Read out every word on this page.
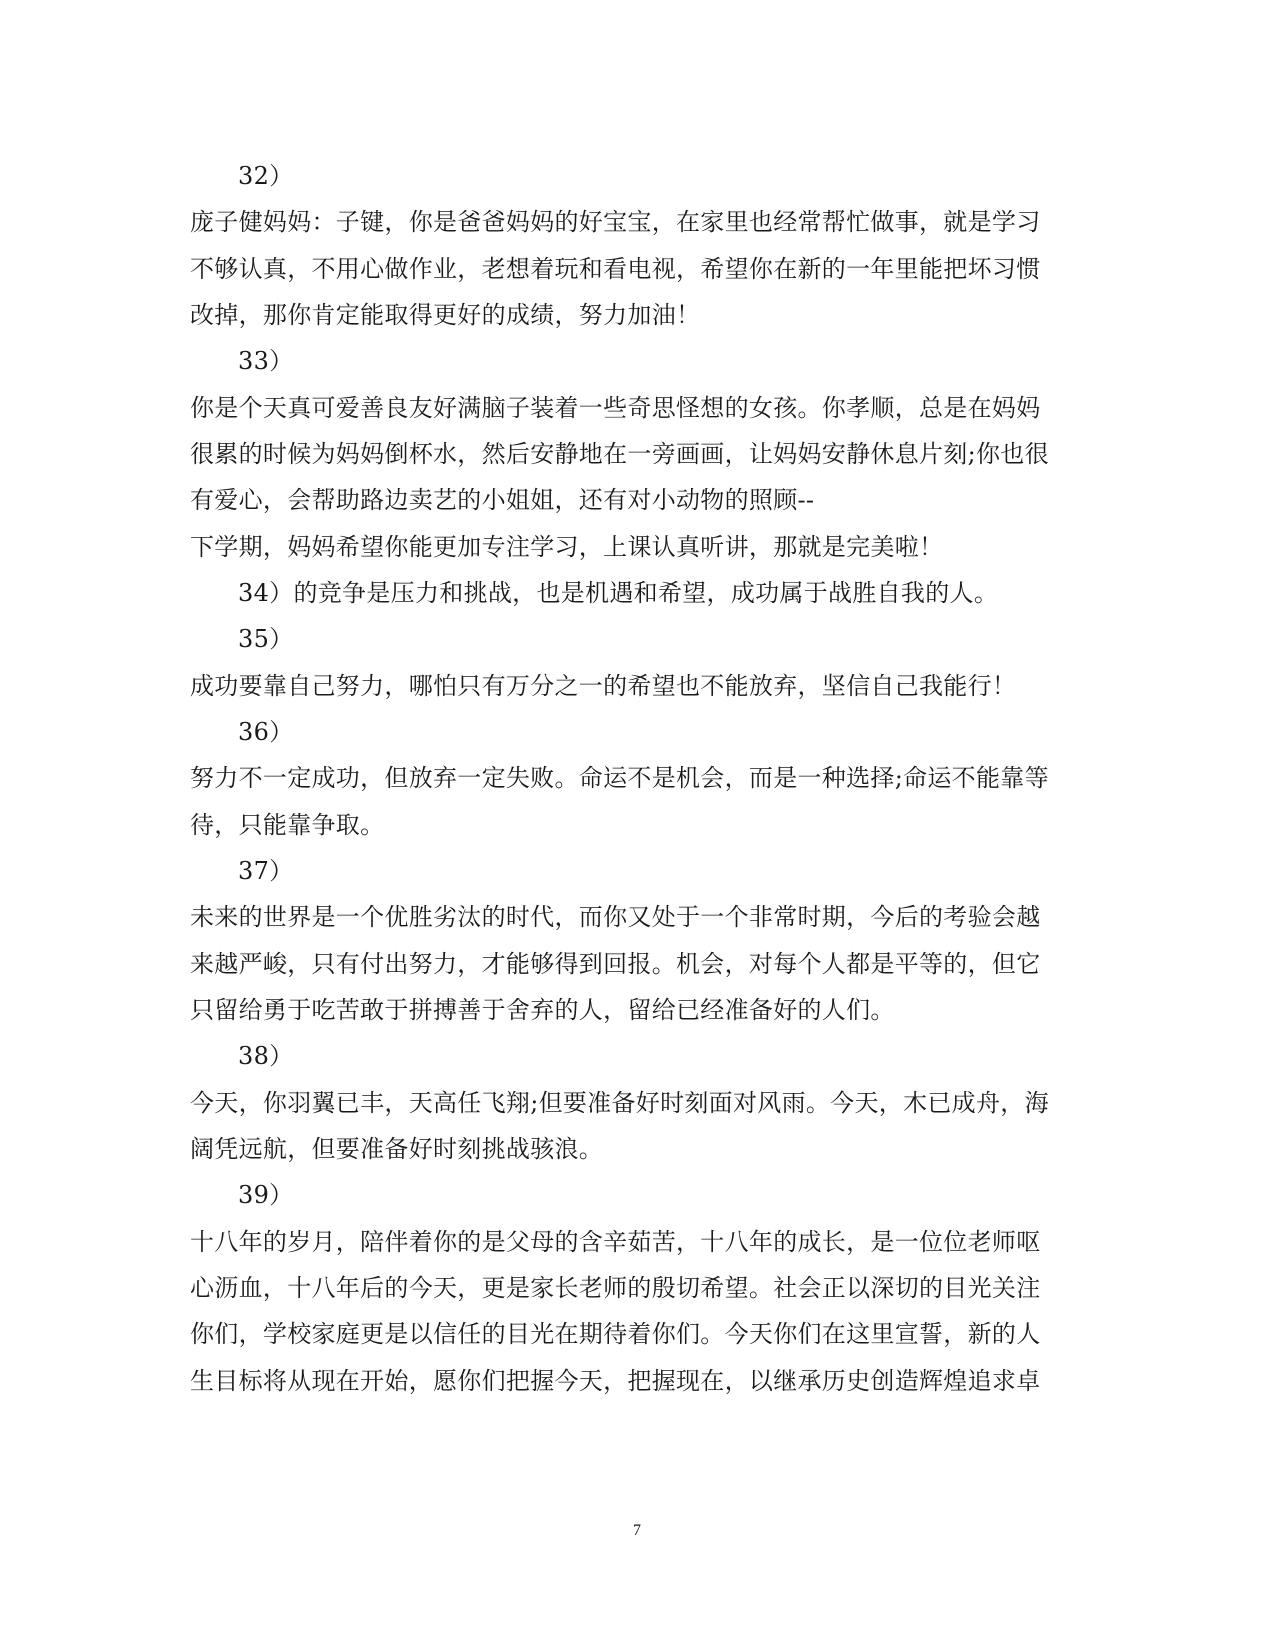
32）
庞子健妈妈：子键，你是爸爸妈妈的好宝宝，在家里也经常帮忙做事，就是学习
不够认真，不用心做作业，老想着玩和看电视，希望你在新的一年里能把坏习惯
改掉，那你肯定能取得更好的成绩，努力加油！
33）
你是个天真可爱善良友好满脑子装着一些奇思怪想的女孩。你孝顺，总是在妈妈
很累的时候为妈妈倒杯水，然后安静地在一旁画画，让妈妈安静休息片刻;你也很
有爱心，会帮助路边卖艺的小姐姐，还有对小动物的照顾--
下学期，妈妈希望你能更加专注学习，上课认真听讲，那就是完美啦！
34）的竞争是压力和挑战，也是机遇和希望，成功属于战胜自我的人。
35）
成功要靠自己努力，哪怕只有万分之一的希望也不能放弃，坚信自己我能行！
36）
努力不一定成功，但放弃一定失败。命运不是机会，而是一种选择;命运不能靠等
待，只能靠争取。
37）
未来的世界是一个优胜劣汰的时代，而你又处于一个非常时期，今后的考验会越
来越严峻，只有付出努力，才能够得到回报。机会，对每个人都是平等的，但它
只留给勇于吃苦敢于拼搏善于舍弃的人，留给已经准备好的人们。
38）
今天，你羽翼已丰，天高任飞翔;但要准备好时刻面对风雨。今天，木已成舟，海
阔凭远航，但要准备好时刻挑战骇浪。
39）
十八年的岁月，陪伴着你的是父母的含辛茹苦，十八年的成长，是一位位老师呕
心沥血，十八年后的今天，更是家长老师的殷切希望。社会正以深切的目光关注
你们，学校家庭更是以信任的目光在期待着你们。今天你们在这里宣誓，新的人
生目标将从现在开始，愿你们把握今天，把握现在，以继承历史创造辉煌追求卓
7
